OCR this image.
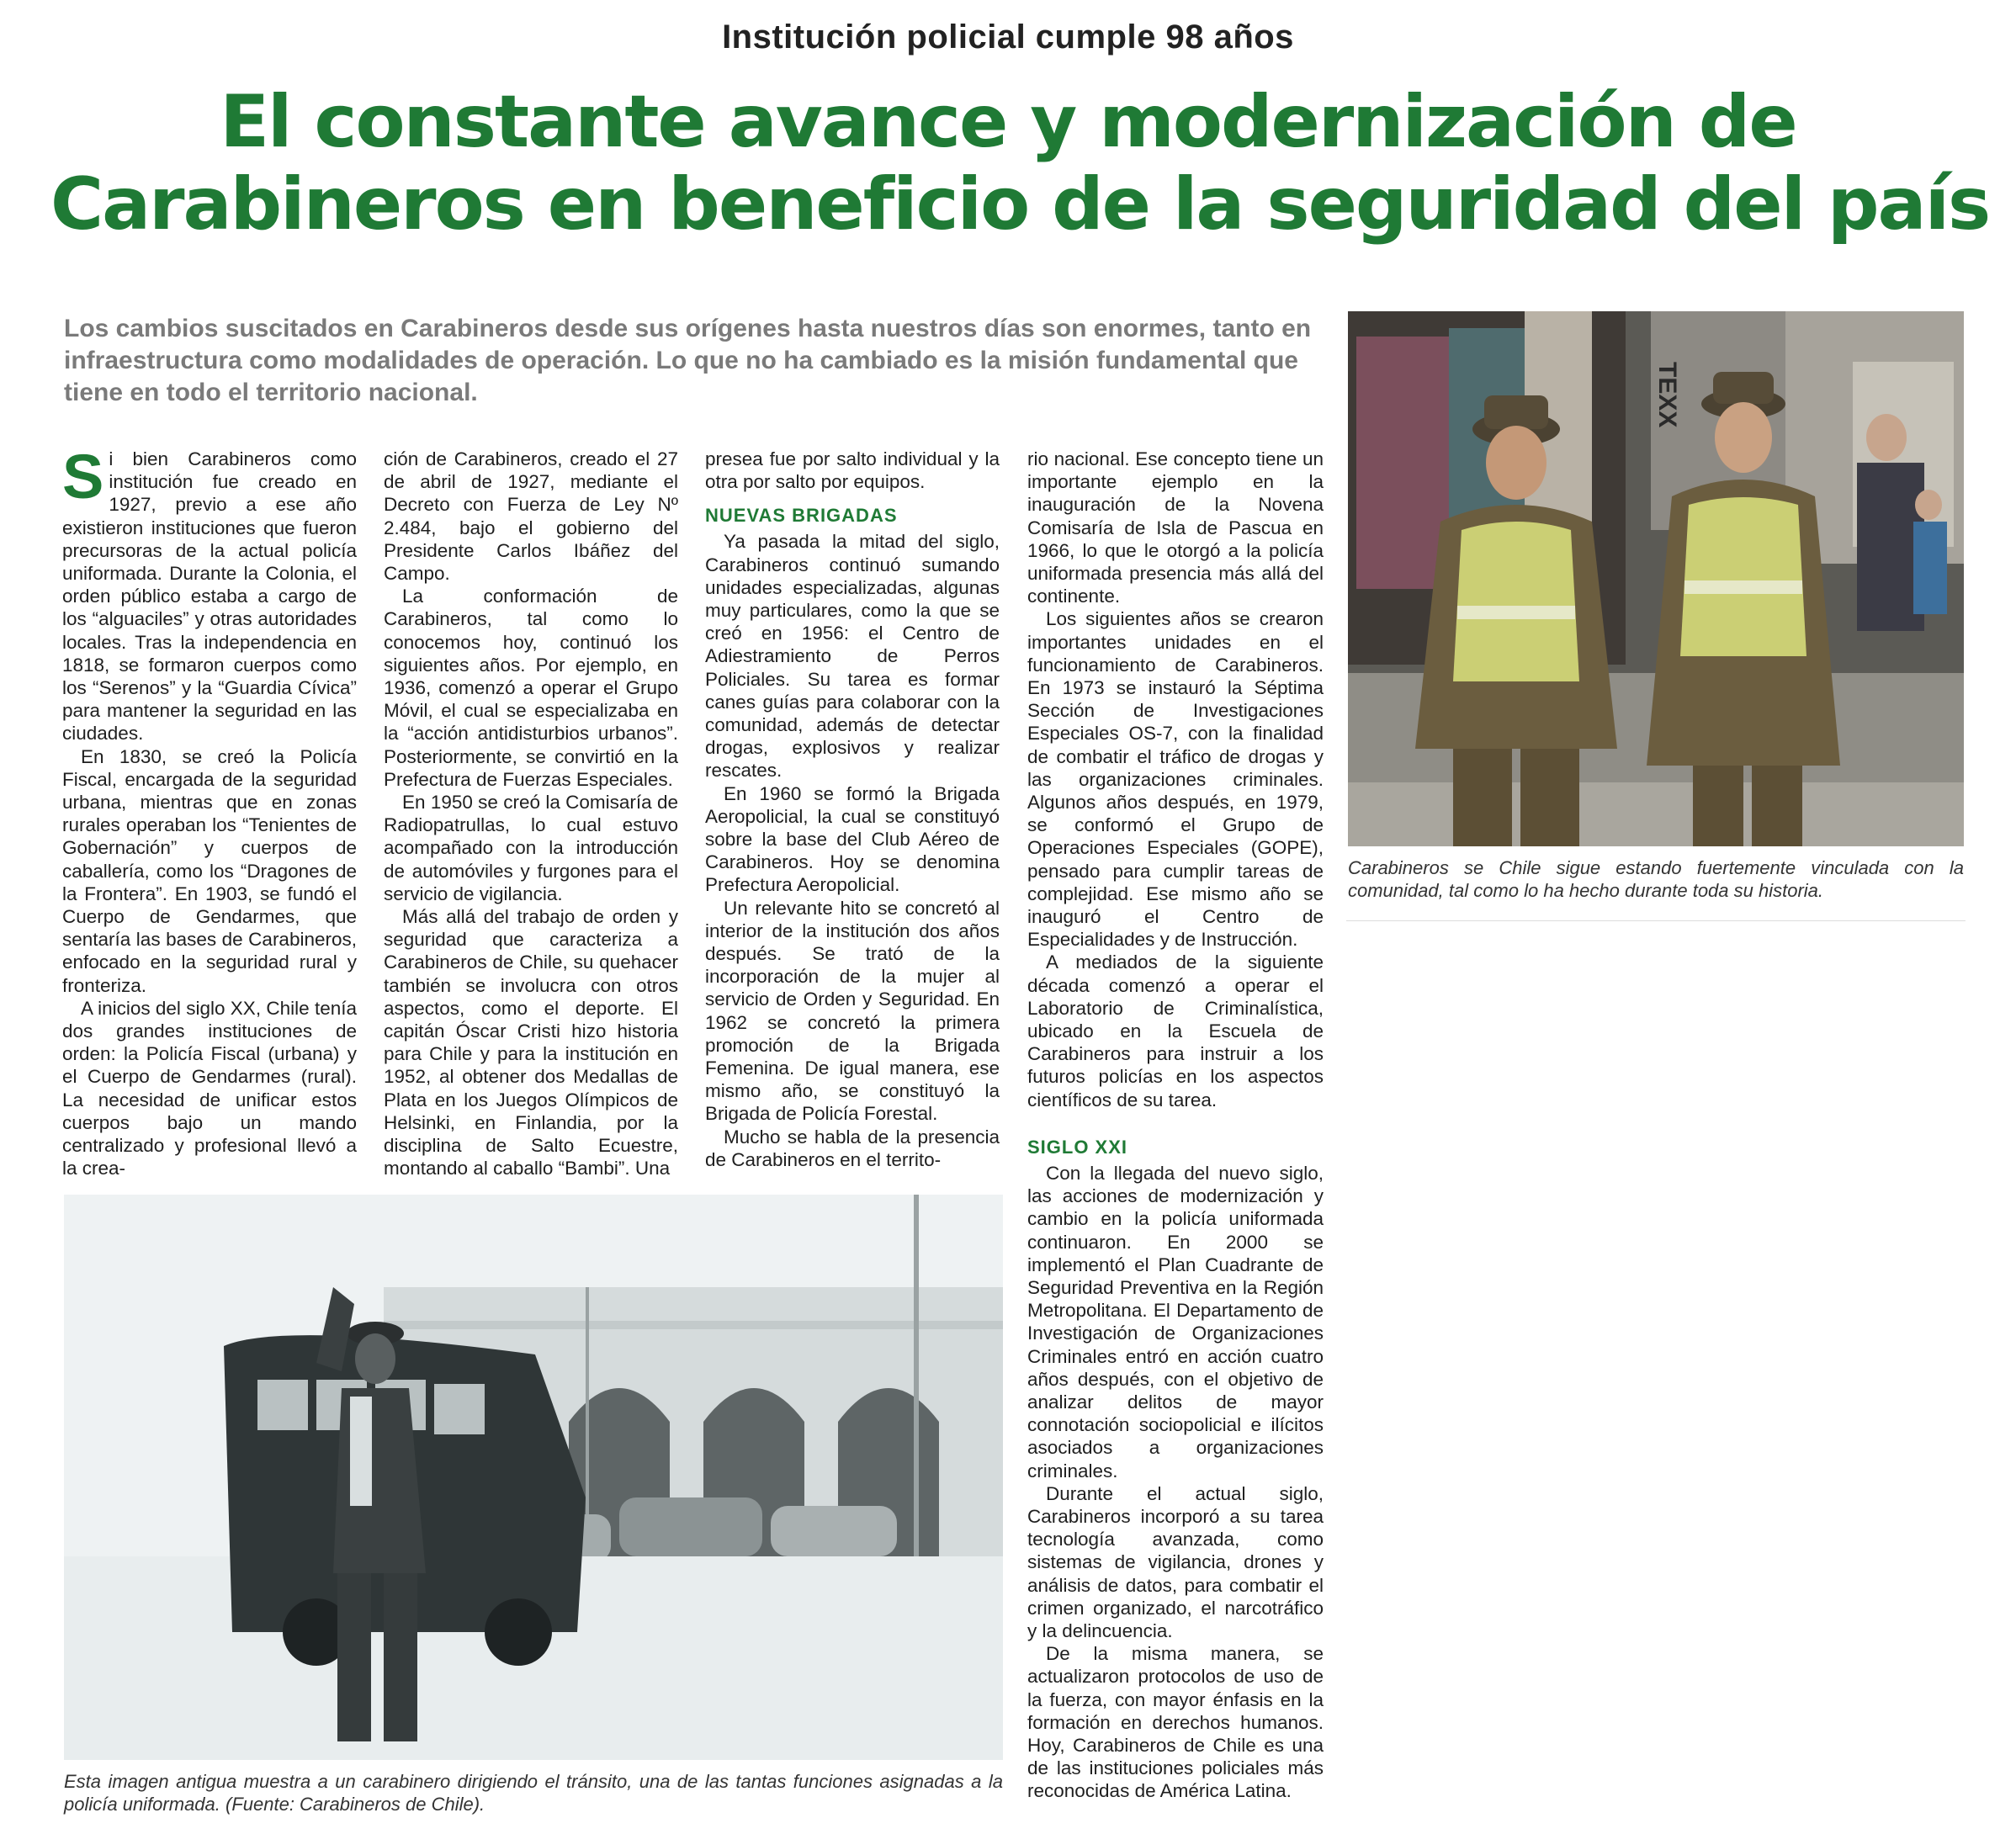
Institución policial cumple 98 años
El constante avance y modernización de
Carabineros en beneficio de la seguridad del país
Los cambios suscitados en Carabineros desde sus orígenes hasta nuestros días son enormes, tanto en infraestructura como modalidades de operación. Lo que no ha cambiado es la misión fundamental que tiene en todo el territorio nacional.

Si bien Carabineros como institución fue creado en 1927, previo a ese año existieron instituciones que fueron precursoras de la actual policía uniformada. Durante la Colonia, el orden público estaba a cargo de los “alguaciles” y otras autoridades locales. Tras la independencia en 1818, se formaron cuerpos como los “Serenos” y la “Guardia Cívica” para mantener la seguridad en las ciudades.

En 1830, se creó la Policía Fiscal, encargada de la seguridad urbana, mientras que en zonas rurales operaban los “Tenientes de Gobernación” y cuerpos de caballería, como los “Dragones de la Frontera”. En 1903, se fundó el Cuerpo de Gendarmes, que sentaría las bases de Carabineros, enfocado en la seguridad rural y fronteriza.

A inicios del siglo XX, Chile tenía dos grandes instituciones de orden: la Policía Fiscal (urbana) y el Cuerpo de Gendarmes (rural). La necesidad de unificar estos cuerpos bajo un mando centralizado y profesional llevó a la crea-

ción de Carabineros, creado el 27 de abril de 1927, mediante el Decreto con Fuerza de Ley Nº 2.484, bajo el gobierno del Presidente Carlos Ibáñez del Campo.

La conformación de Carabineros, tal como lo conocemos hoy, continuó los siguientes años. Por ejemplo, en 1936, comenzó a operar el Grupo Móvil, el cual se especializaba en la “acción antidisturbios urbanos”. Posteriormente, se convirtió en la Prefectura de Fuerzas Especiales.

En 1950 se creó la Comisaría de Radiopatrullas, lo cual estuvo acompañado con la introducción de automóviles y furgones para el servicio de vigilancia.

Más allá del trabajo de orden y seguridad que caracteriza a Carabineros de Chile, su quehacer también se involucra con otros aspectos, como el deporte. El capitán Óscar Cristi hizo historia para Chile y para la institución en 1952, al obtener dos Medallas de Plata en los Juegos Olímpicos de Helsinki, en Finlandia, por la disciplina de Salto Ecuestre, montando al caballo “Bambi”. Una

presea fue por salto individual y la otra por salto por equipos.

NUEVAS BRIGADAS

Ya pasada la mitad del siglo, Carabineros continuó sumando unidades especializadas, algunas muy particulares, como la que se creó en 1956: el Centro de Adiestramiento de Perros Policiales. Su tarea es formar canes guías para colaborar con la comunidad, además de detectar drogas, explosivos y realizar rescates.

En 1960 se formó la Brigada Aeropolicial, la cual se constituyó sobre la base del Club Aéreo de Carabineros. Hoy se denomina Prefectura Aeropolicial.

Un relevante hito se concretó al interior de la institución dos años después. Se trató de la incorporación de la mujer al servicio de Orden y Seguridad. En 1962 se concretó la primera promoción de la Brigada Femenina. De igual manera, ese mismo año, se constituyó la Brigada de Policía Forestal.

Mucho se habla de la presencia de Carabineros en el territo-

rio nacional. Ese concepto tiene un importante ejemplo en la inauguración de la Novena Comisaría de Isla de Pascua en 1966, lo que le otorgó a la policía uniformada presencia más allá del continente.

Los siguientes años se crearon importantes unidades en el funcionamiento de Carabineros. En 1973 se instauró la Séptima Sección de Investigaciones Especiales OS-7, con la finalidad de combatir el tráfico de drogas y las organizaciones criminales. Algunos años después, en 1979, se conformó el Grupo de Operaciones Especiales (GOPE), pensado para cumplir tareas de complejidad. Ese mismo año se inauguró el Centro de Especialidades y de Instrucción.

A mediados de la siguiente década comenzó a operar el Laboratorio de Criminalística, ubicado en la Escuela de Carabineros para instruir a los futuros policías en los aspectos científicos de su tarea.

SIGLO XXI

Con la llegada del nuevo siglo, las acciones de modernización y cambio en la policía uniformada continuaron. En 2000 se implementó el Plan Cuadrante de Seguridad Preventiva en la Región Metropolitana. El Departamento de Investigación de Organizaciones Criminales entró en acción cuatro años después, con el objetivo de analizar delitos de mayor connotación sociopolicial e ilícitos asociados a organizaciones criminales.

Durante el actual siglo, Carabineros incorporó a su tarea tecnología avanzada, como sistemas de vigilancia, drones y análisis de datos, para combatir el crimen organizado, el narcotráfico y la delincuencia.

De la misma manera, se actualizaron protocolos de uso de la fuerza, con mayor énfasis en la formación en derechos humanos. Hoy, Carabineros de Chile es una de las instituciones policiales más reconocidas de América Latina.

TEXX
Carabineros se Chile sigue estando fuertemente vinculada con la comunidad, tal como lo ha hecho durante toda su historia.
Esta imagen antigua muestra a un carabinero dirigiendo el tránsito, una de las tantas funciones asignadas a la policía uniformada. (Fuente: Carabineros de Chile).
